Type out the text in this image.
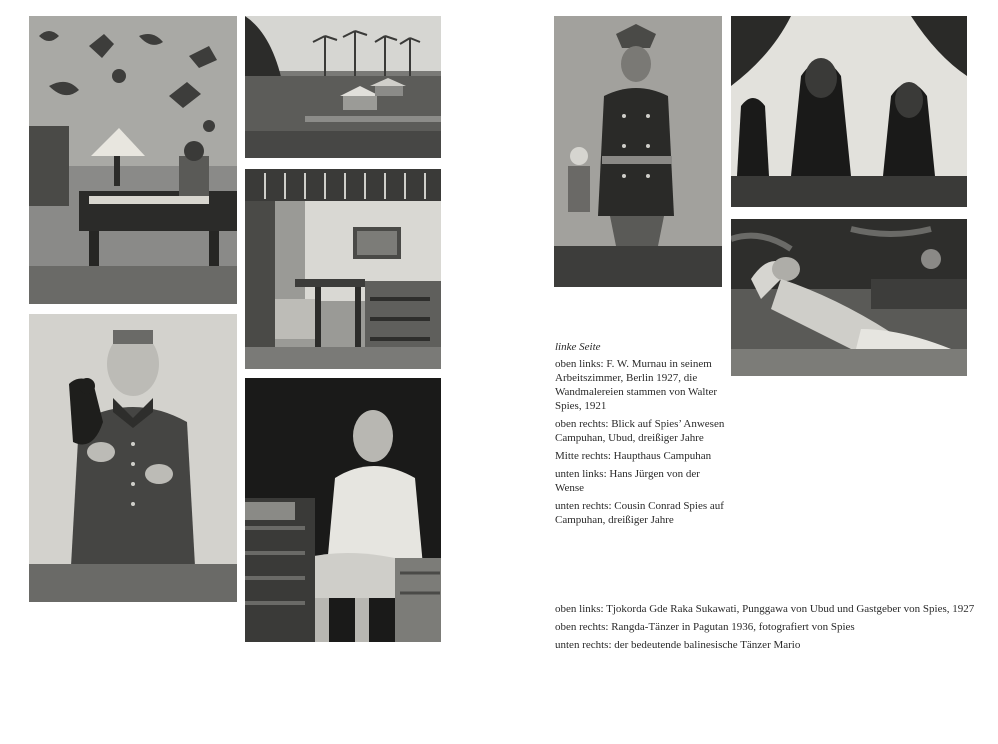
linke Seite

oben links: F. W. Murnau in seinem Arbeitszimmer, Berlin 1927, die Wandmalereien stammen von Walter Spies, 1921

oben rechts: Blick auf Spies’ Anwesen Campuhan, Ubud, dreißiger Jahre

Mitte rechts: Haupthaus Campuhan

unten links: Hans Jürgen von der Wense

unten rechts: Cousin Conrad Spies auf Campuhan, dreißiger Jahre

oben links: Tjokorda Gde Raka Sukawati, Punggawa von Ubud und Gastgeber von Spies, 1927

oben rechts: Rangda-Tänzer in Pagutan 1936, fotografiert von Spies

unten rechts: der bedeutende balinesische Tänzer Mario
